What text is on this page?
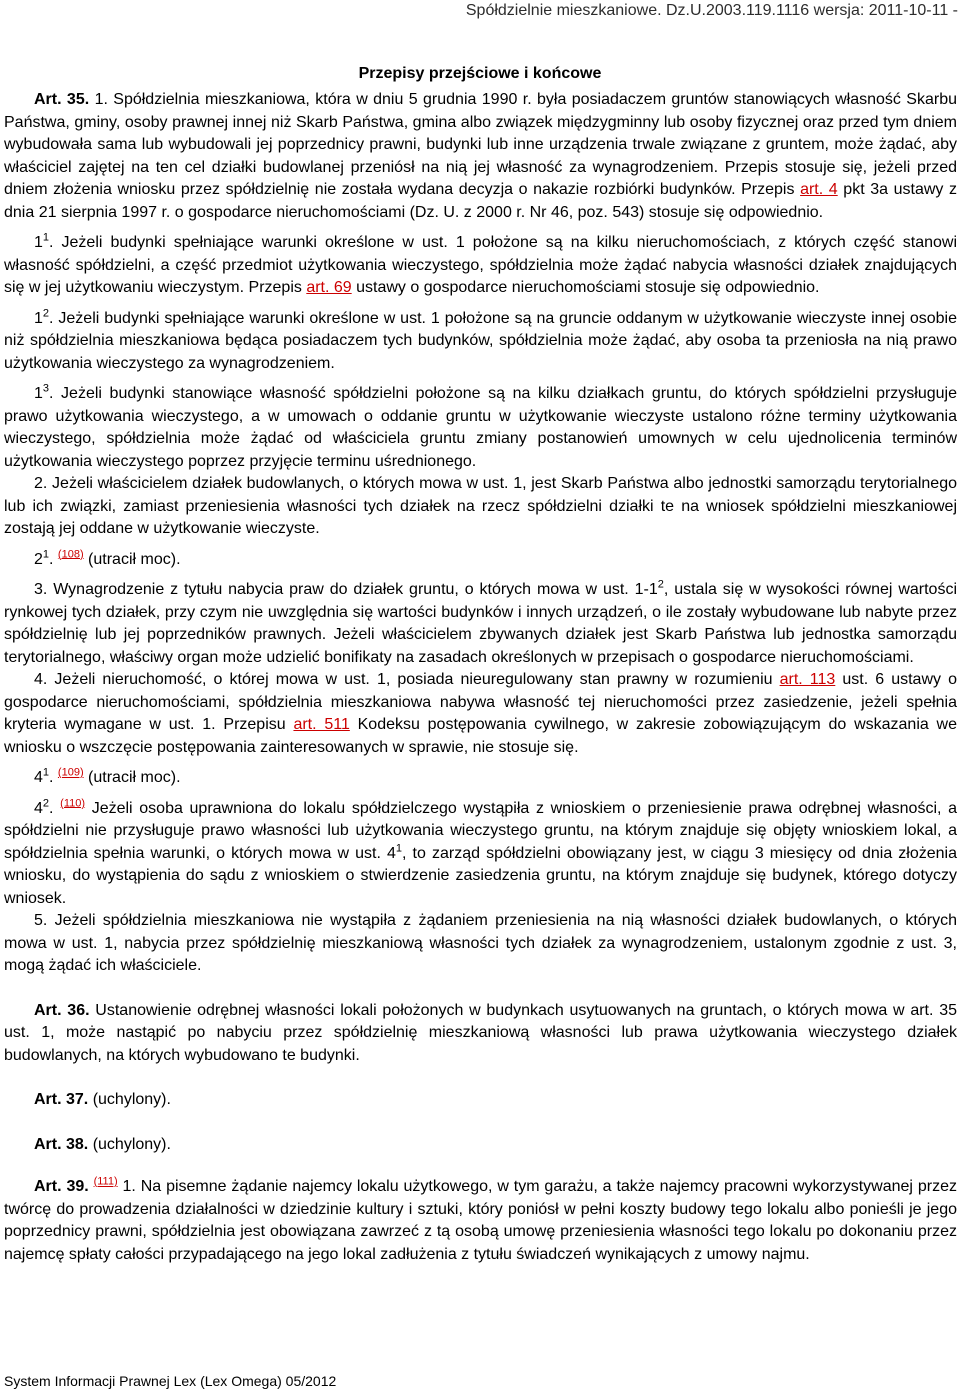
Spółdzielnie mieszkaniowe. Dz.U.2003.119.1116 wersja: 2011-10-11 -
Przepisy przejściowe i końcowe

Art. 35. 1. Spółdzielnia mieszkaniowa, która w dniu 5 grudnia 1990 r. była posiadaczem gruntów stanowiących własność Skarbu Państwa, gminy, osoby prawnej innej niż Skarb Państwa, gmina albo związek międzygminny lub osoby fizycznej oraz przed tym dniem wybudowała sama lub wybudowali jej poprzednicy prawni, budynki lub inne urządzenia trwale związane z gruntem, może żądać, aby właściciel zajętej na ten cel działki budowlanej przeniósł na nią jej własność za wynagrodzeniem. Przepis stosuje się, jeżeli przed dniem złożenia wniosku przez spółdzielnię nie została wydana decyzja o nakazie rozbiórki budynków. Przepis art. 4 pkt 3a ustawy z dnia 21 sierpnia 1997 r. o gospodarce nieruchomościami (Dz. U. z 2000 r. Nr 46, poz. 543) stosuje się odpowiednio.

$1^1$. Jeżeli budynki spełniające warunki określone w ust. 1 położone są na kilku nieruchomościach, z których część stanowi własność spółdzielni, a część przedmiot użytkowania wieczystego, spółdzielnia może żądać nabycia własności działek znajdujących się w jej użytkowaniu wieczystym. Przepis art. 69 ustawy o gospodarce nieruchomościami stosuje się odpowiednio.

$1^2$. Jeżeli budynki spełniające warunki określone w ust. 1 położone są na gruncie oddanym w użytkowanie wieczyste innej osobie niż spółdzielnia mieszkaniowa będąca posiadaczem tych budynków, spółdzielnia może żądać, aby osoba ta przeniosła na nią prawo użytkowania wieczystego za wynagrodzeniem.

$1^3$. Jeżeli budynki stanowiące własność spółdzielni położone są na kilku działkach gruntu, do których spółdzielni przysługuje prawo użytkowania wieczystego, a w umowach o oddanie gruntu w użytkowanie wieczyste ustalono różne terminy użytkowania wieczystego, spółdzielnia może żądać od właściciela gruntu zmiany postanowień umownych w celu ujednolicenia terminów użytkowania wieczystego poprzez przyjęcie terminu uśrednionego.

2. Jeżeli właścicielem działek budowlanych, o których mowa w ust. 1, jest Skarb Państwa albo jednostki samorządu terytorialnego lub ich związki, zamiast przeniesienia własności tych działek na rzecz spółdzielni działki te na wniosek spółdzielni mieszkaniowej zostają jej oddane w użytkowanie wieczyste.

$2^1$. $^{(108)}$ (utracił moc).

3. Wynagrodzenie z tytułu nabycia praw do działek gruntu, o których mowa w ust. $1-1^2$, ustala się w wysokości równej wartości rynkowej tych działek, przy czym nie uwzględnia się wartości budynków i innych urządzeń, o ile zostały wybudowane lub nabyte przez spółdzielnię lub jej poprzedników prawnych. Jeżeli właścicielem zbywanych działek jest Skarb Państwa lub jednostka samorządu terytorialnego, właściwy organ może udzielić bonifikaty na zasadach określonych w przepisach o gospodarce nieruchomościami.

4. Jeżeli nieruchomość, o której mowa w ust. 1, posiada nieuregulowany stan prawny w rozumieniu art. 113 ust. 6 ustawy o gospodarce nieruchomościami, spółdzielnia mieszkaniowa nabywa własność tej nieruchomości przez zasiedzenie, jeżeli spełnia kryteria wymagane w ust. 1. Przepisu art. 511 Kodeksu postępowania cywilnego, w zakresie zobowiązującym do wskazania we wniosku o wszczęcie postępowania zainteresowanych w sprawie, nie stosuje się.

$4^1$. $^{(109)}$ (utracił moc).

$4^2$. $^{(110)}$ Jeżeli osoba uprawniona do lokalu spółdzielczego wystąpiła z wnioskiem o przeniesienie prawa odrębnej własności, a spółdzielni nie przysługuje prawo własności lub użytkowania wieczystego gruntu, na którym znajduje się objęty wnioskiem lokal, a spółdzielnia spełnia warunki, o których mowa w ust. $4^1$, to zarząd spółdzielni obowiązany jest, w ciągu 3 miesięcy od dnia złożenia wniosku, do wystąpienia do sądu z wnioskiem o stwierdzenie zasiedzenia gruntu, na którym znajduje się budynek, którego dotyczy wniosek.

5. Jeżeli spółdzielnia mieszkaniowa nie wystąpiła z żądaniem przeniesienia na nią własności działek budowlanych, o których mowa w ust. 1, nabycia przez spółdzielnię mieszkaniową własności tych działek za wynagrodzeniem, ustalonym zgodnie z ust. 3, mogą żądać ich właściciele.

Art. 36. Ustanowienie odrębnej własności lokali położonych w budynkach usytuowanych na gruntach, o których mowa w art. 35 ust. 1, może nastąpić po nabyciu przez spółdzielnię mieszkaniową własności lub prawa użytkowania wieczystego działek budowlanych, na których wybudowano te budynki.

Art. 37. (uchylony).

Art. 38. (uchylony).

Art. 39. $^{(111)}$ 1. Na pisemne żądanie najemcy lokalu użytkowego, w tym garażu, a także najemcy pracowni wykorzystywanej przez twórcę do prowadzenia działalności w dziedzinie kultury i sztuki, który poniósł w pełni koszty budowy tego lokalu albo ponieśli je jego poprzednicy prawni, spółdzielnia jest obowiązana zawrzeć z tą osobą umowę przeniesienia własności tego lokalu po dokonaniu przez najemcę spłaty całości przypadającego na jego lokal zadłużenia z tytułu świadczeń wynikających z umowy najmu.

System Informacji Prawnej Lex (Lex Omega) 05/2012
